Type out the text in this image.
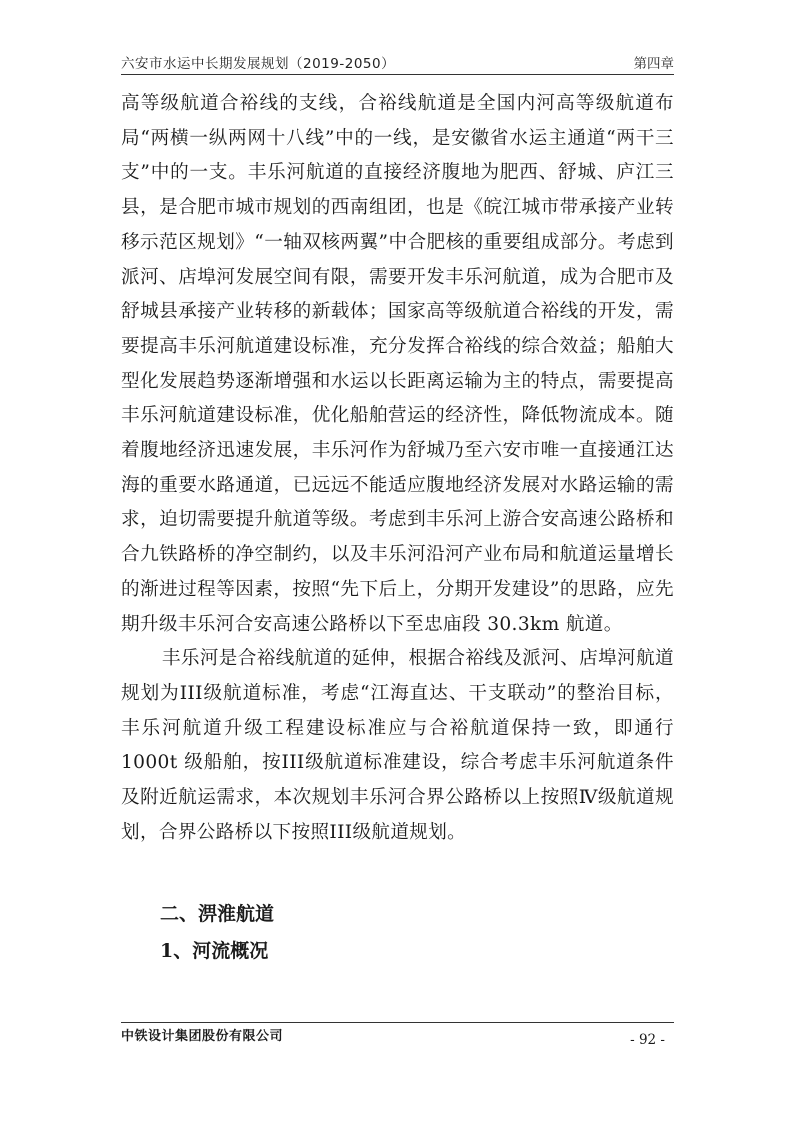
六安市水运中长期发展规划（2019-2050）	第四章

高等级航道合裕线的支线，合裕线航道是全国内河高等级航道布局“两横一纵两网十八线”中的一线，是安徽省水运主通道“两干三支”中的一支。丰乐河航道的直接经济腹地为肥西、舒城、庐江三县，是合肥市城市规划的西南组团，也是《皖江城市带承接产业转移示范区规划》“一轴双核两翼”中合肥核的重要组成部分。考虑到派河、店埠河发展空间有限，需要开发丰乐河航道，成为合肥市及舒城县承接产业转移的新载体；国家高等级航道合裕线的开发，需要提高丰乐河航道建设标准，充分发挥合裕线的综合效益；船舶大型化发展趋势逐渐增强和水运以长距离运输为主的特点，需要提高丰乐河航道建设标准，优化船舶营运的经济性，降低物流成本。随着腹地经济迅速发展，丰乐河作为舒城乃至六安市唯一直接通江达海的重要水路通道，已远远不能适应腹地经济发展对水路运输的需求，迫切需要提升航道等级。考虑到丰乐河上游合安高速公路桥和合九铁路桥的净空制约，以及丰乐河沿河产业布局和航道运量增长的渐进过程等因素，按照“先下后上，分期开发建设”的思路，应先期升级丰乐河合安高速公路桥以下至忠庙段 30.3km 航道。

丰乐河是合裕线航道的延伸，根据合裕线及派河、店埠河航道规划为III级航道标准，考虑“江海直达、干支联动”的整治目标，丰乐河航道升级工程建设标准应与合裕航道保持一致，即通行 1000t 级船舶，按III级航道标准建设，综合考虑丰乐河航道条件及附近航运需求，本次规划丰乐河合界公路桥以上按照Ⅳ级航道规划，合界公路桥以下按照III级航道规划。

二、淠淮航道
1、河流概况
中铁设计集团股份有限公司	- 92 -
